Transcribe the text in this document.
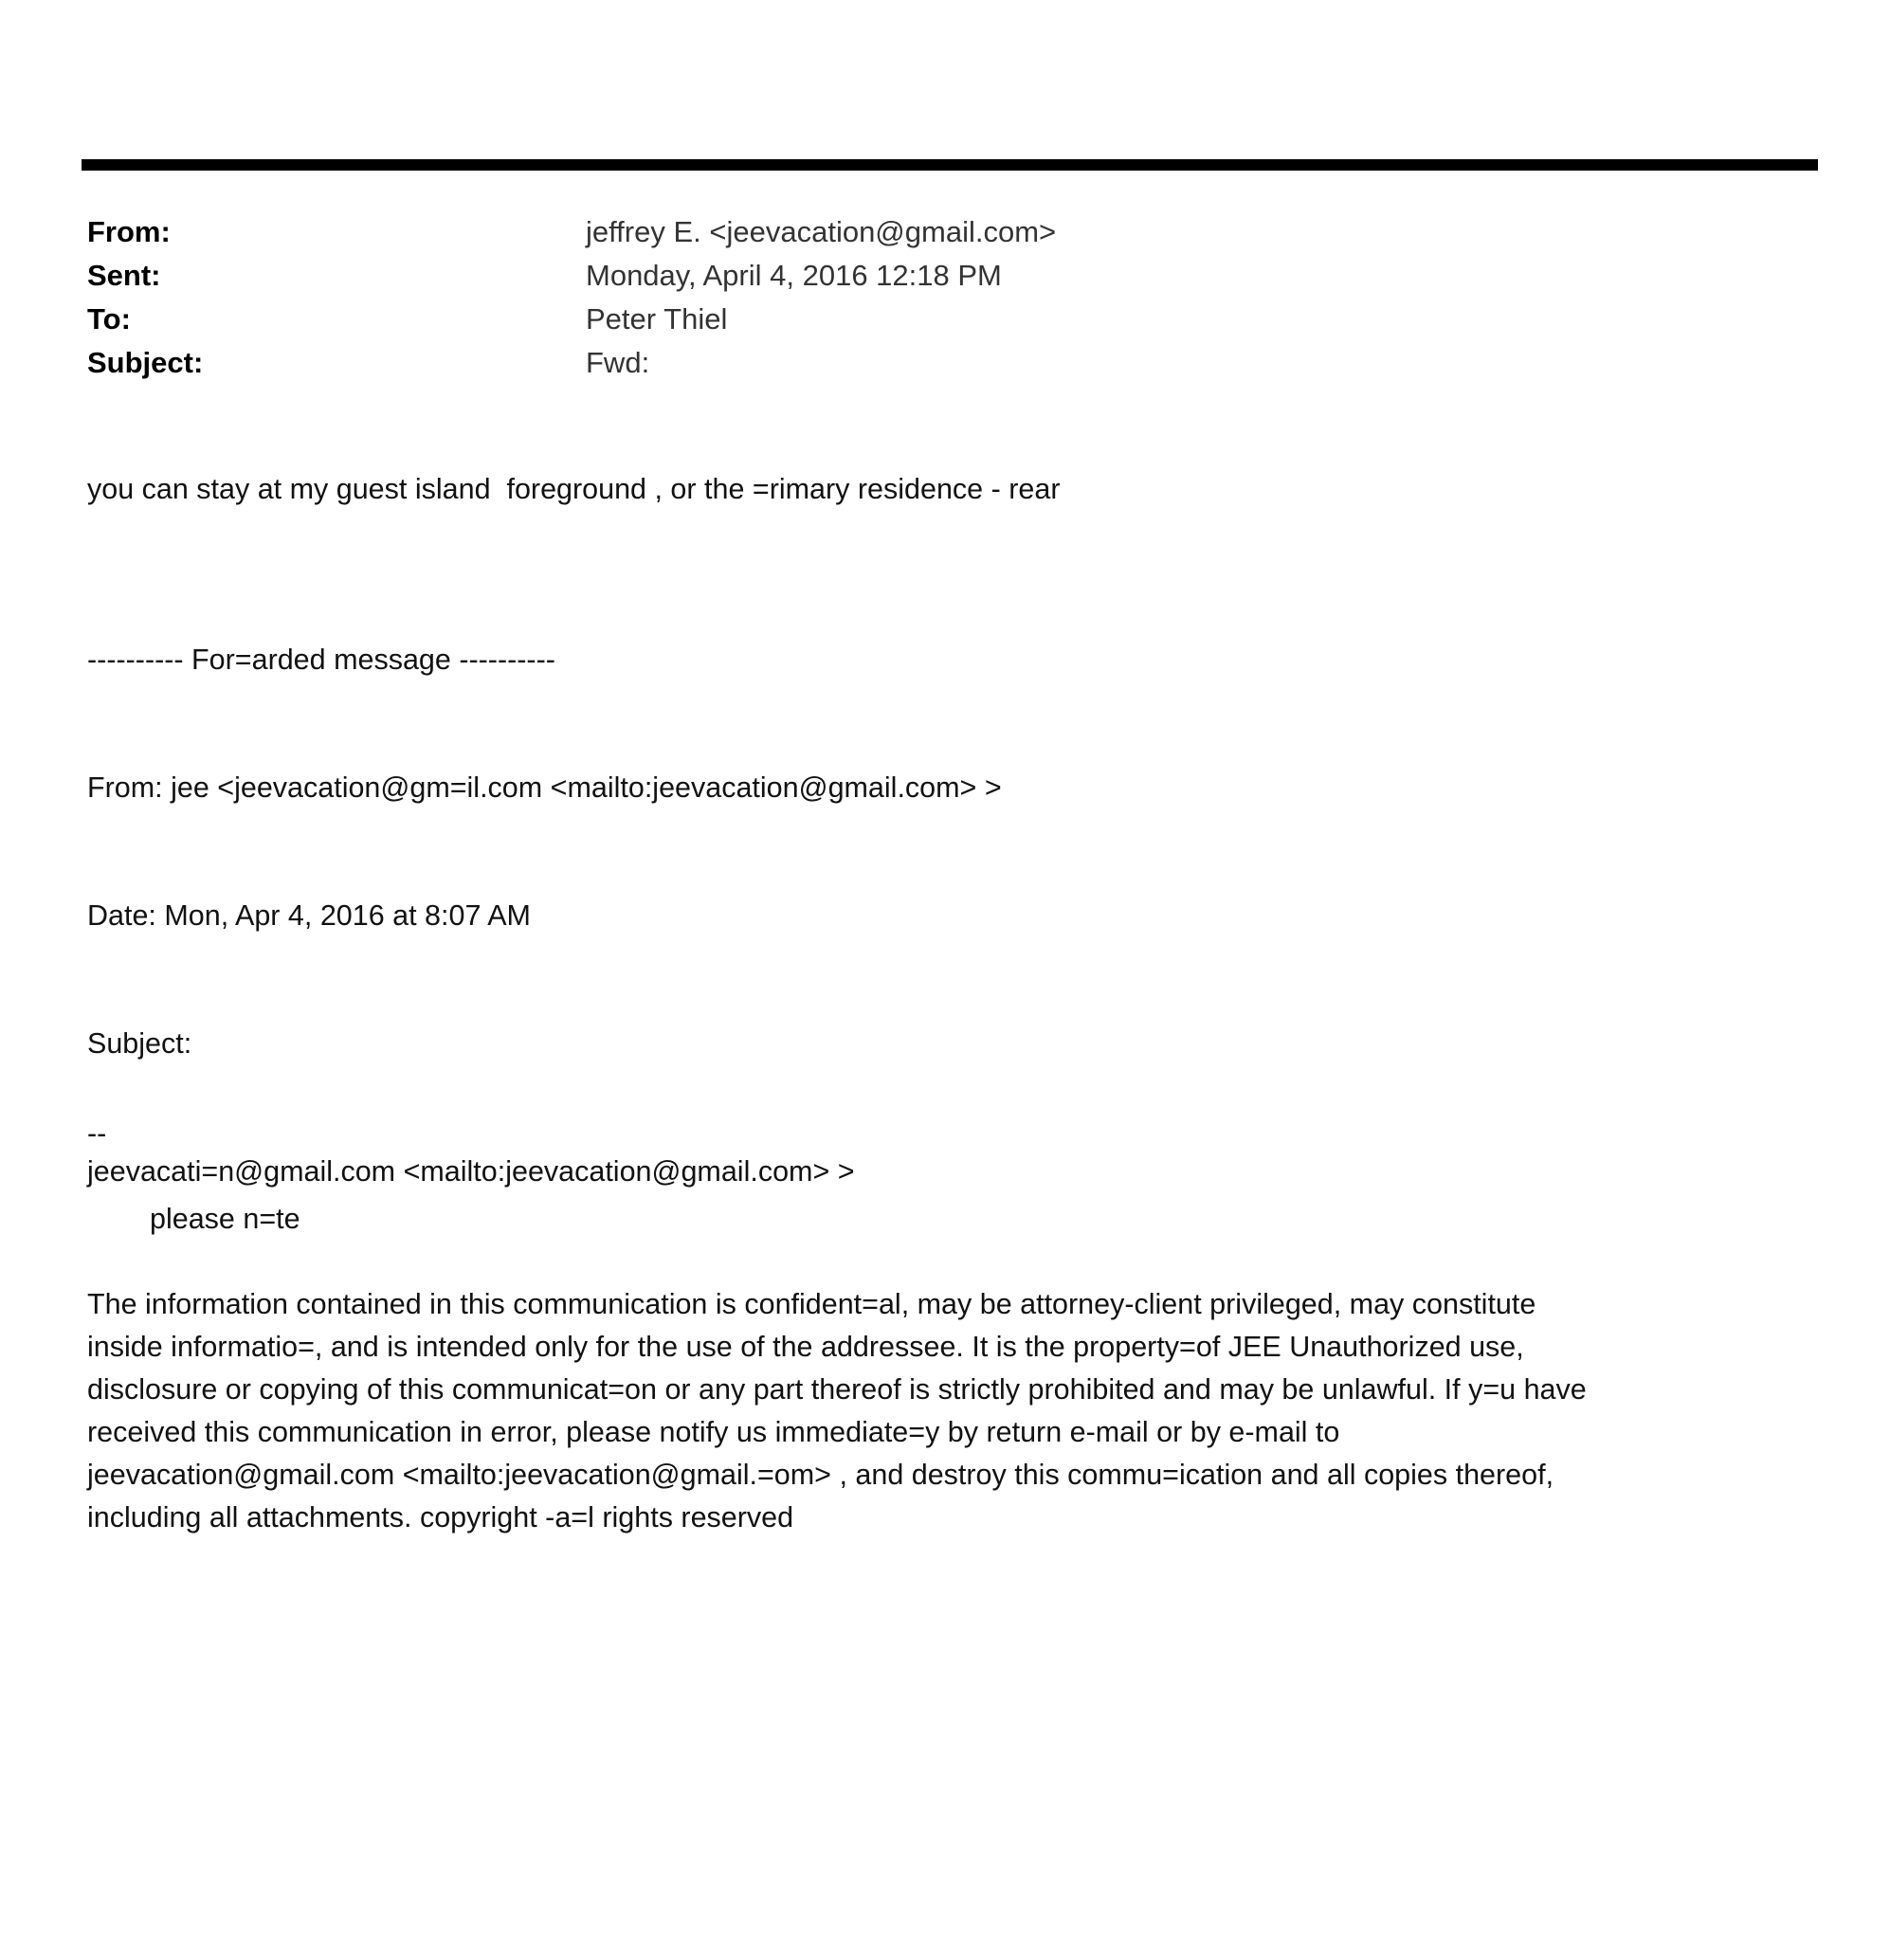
From:	jeffrey E. <jeevacation@gmail.com>
Sent:	Monday, April 4, 2016 12:18 PM
To:	Peter Thiel
Subject:	Fwd:
you can stay at my guest island  foreground , or the =rimary residence - rear

---------- For=arded message ----------

From: jee <jeevacation@gm=il.com <mailto:jeevacation@gmail.com> >

Date: Mon, Apr 4, 2016 at 8:07 AM

Subject:

jeevacati=n@gmail.com <mailto:jeevacation@gmail.com> >

--
please n=te
The information contained in this communication is confident=al, may be attorney-client privileged, may constitute
inside informatio=, and is intended only for the use of the addressee. It is the property=of JEE Unauthorized use,
disclosure or copying of this communicat=on or any part thereof is strictly prohibited and may be unlawful. If y=u have
received this communication in error, please notify us immediate=y by return e-mail or by e-mail to
jeevacation@gmail.com <mailto:jeevacation@gmail.=om> , and destroy this commu=ication and all copies thereof,
including all attachments. copyright -a=l rights reserved
